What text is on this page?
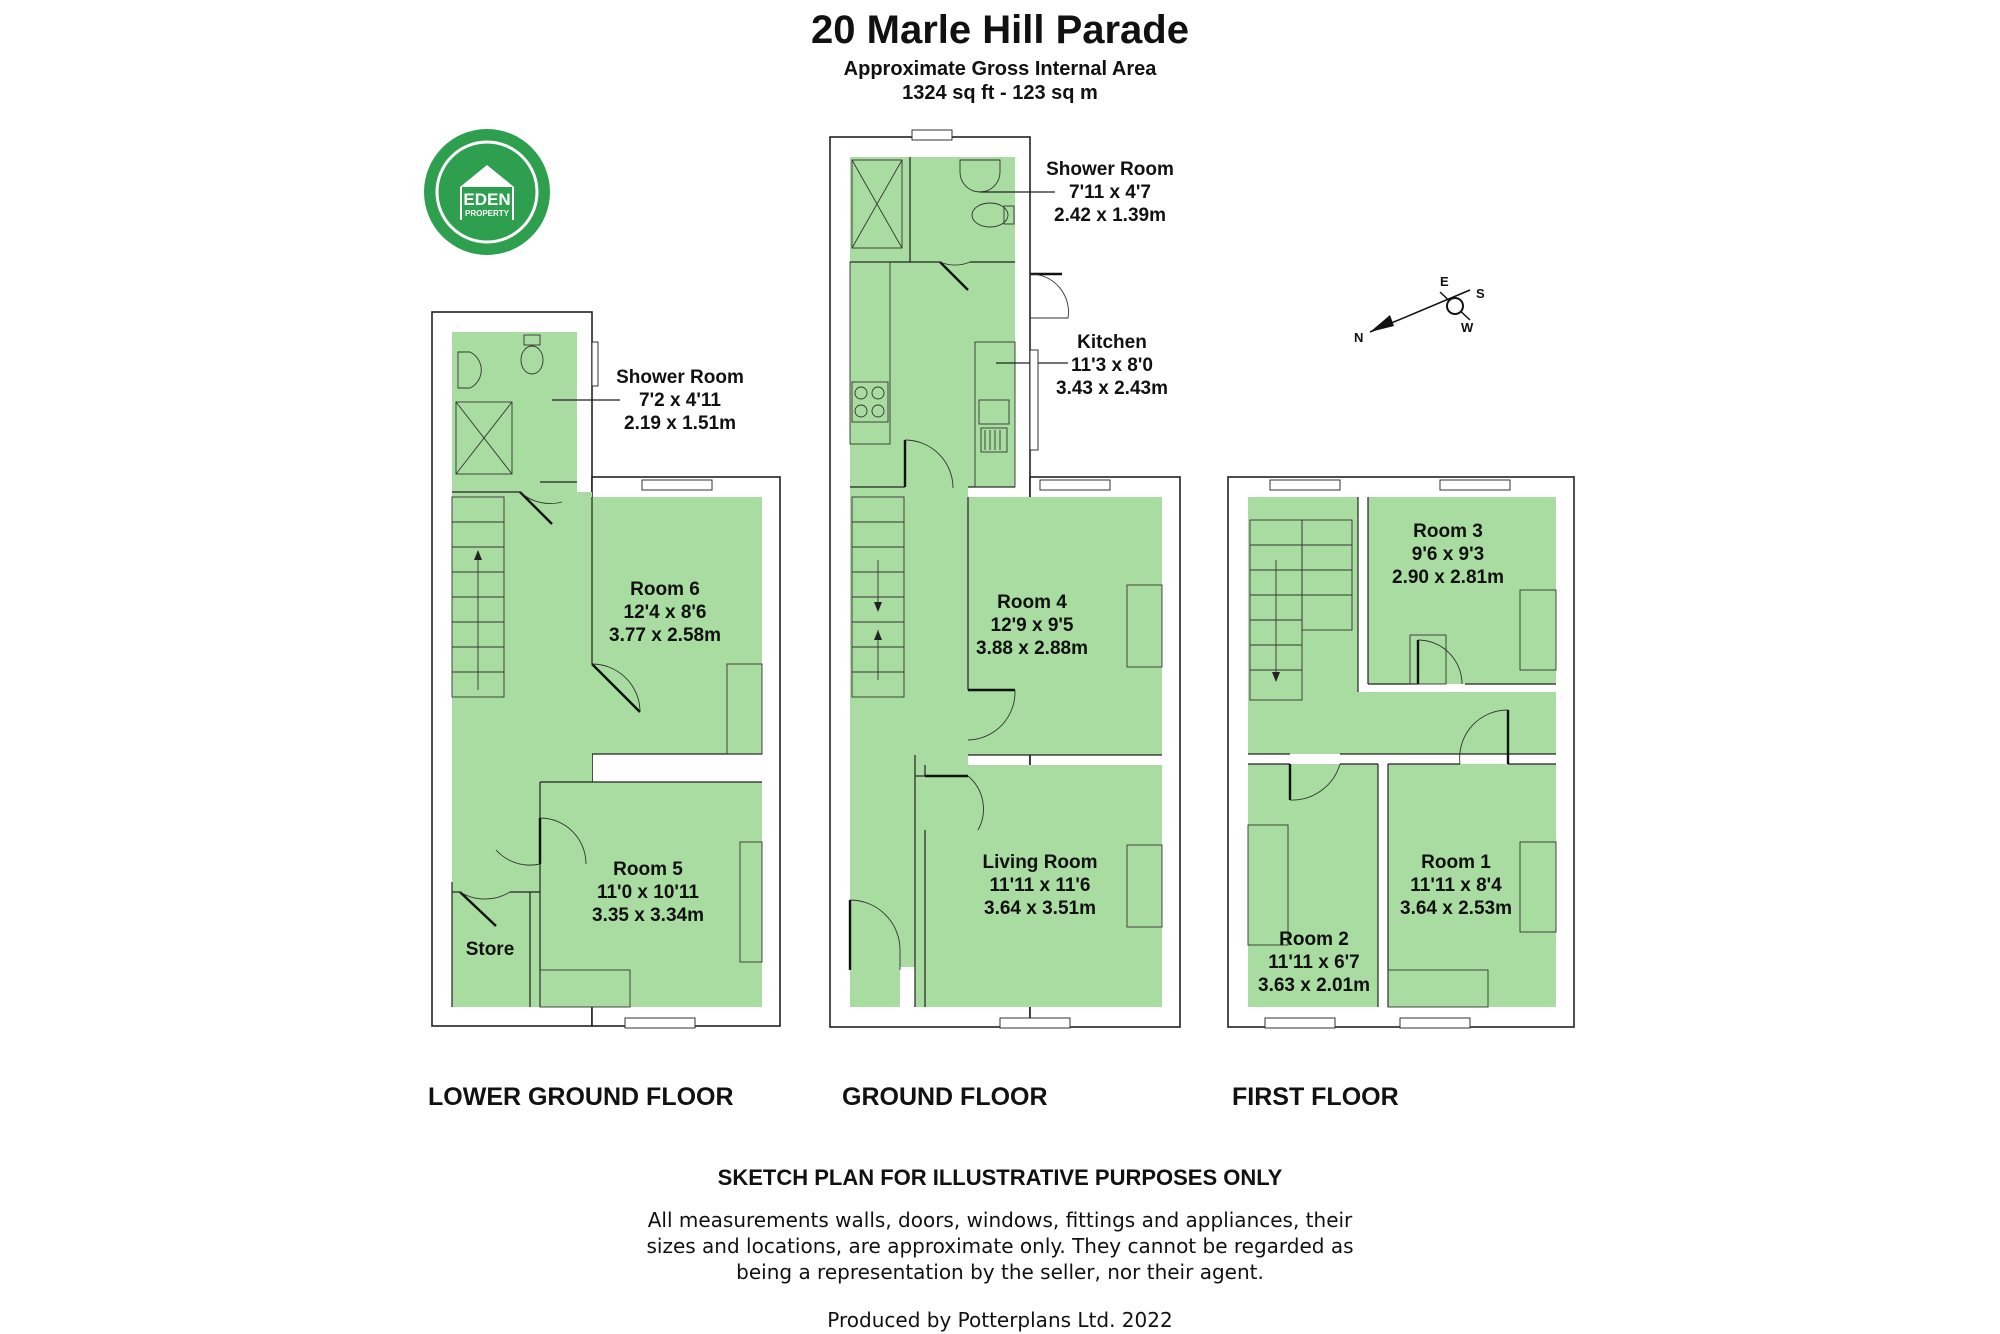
20 Marle Hill Parade
Approximate Gross Internal Area
1324 sq ft - 123 sq m
EDEN
PROPERTY
E
S
W
N
Shower Room
7'2 x 4'11
2.19 x 1.51m
Room 6
12'4 x 8'6
3.77 x 2.58m
Room 5
11'0 x 10'11
3.35 x 3.34m
Store
Shower Room
7'11 x 4'7
2.42 x 1.39m
Kitchen
11'3 x 8'0
3.43 x 2.43m
Room 4
12'9 x 9'5
3.88 x 2.88m
Living Room
11'11 x 11'6
3.64 x 3.51m
Room 3
9'6 x 9'3
2.90 x 2.81m
Room 1
11'11 x 8'4
3.64 x 2.53m
Room 2
11'11 x 6'7
3.63 x 2.01m
LOWER GROUND FLOOR	GROUND FLOOR	FIRST FLOOR
SKETCH PLAN FOR ILLUSTRATIVE PURPOSES ONLY
All measurements walls, doors, windows, fittings and appliances, their
sizes and locations, are approximate only. They cannot be regarded as
being a representation by the seller, nor their agent.
Produced by Potterplans Ltd. 2022
